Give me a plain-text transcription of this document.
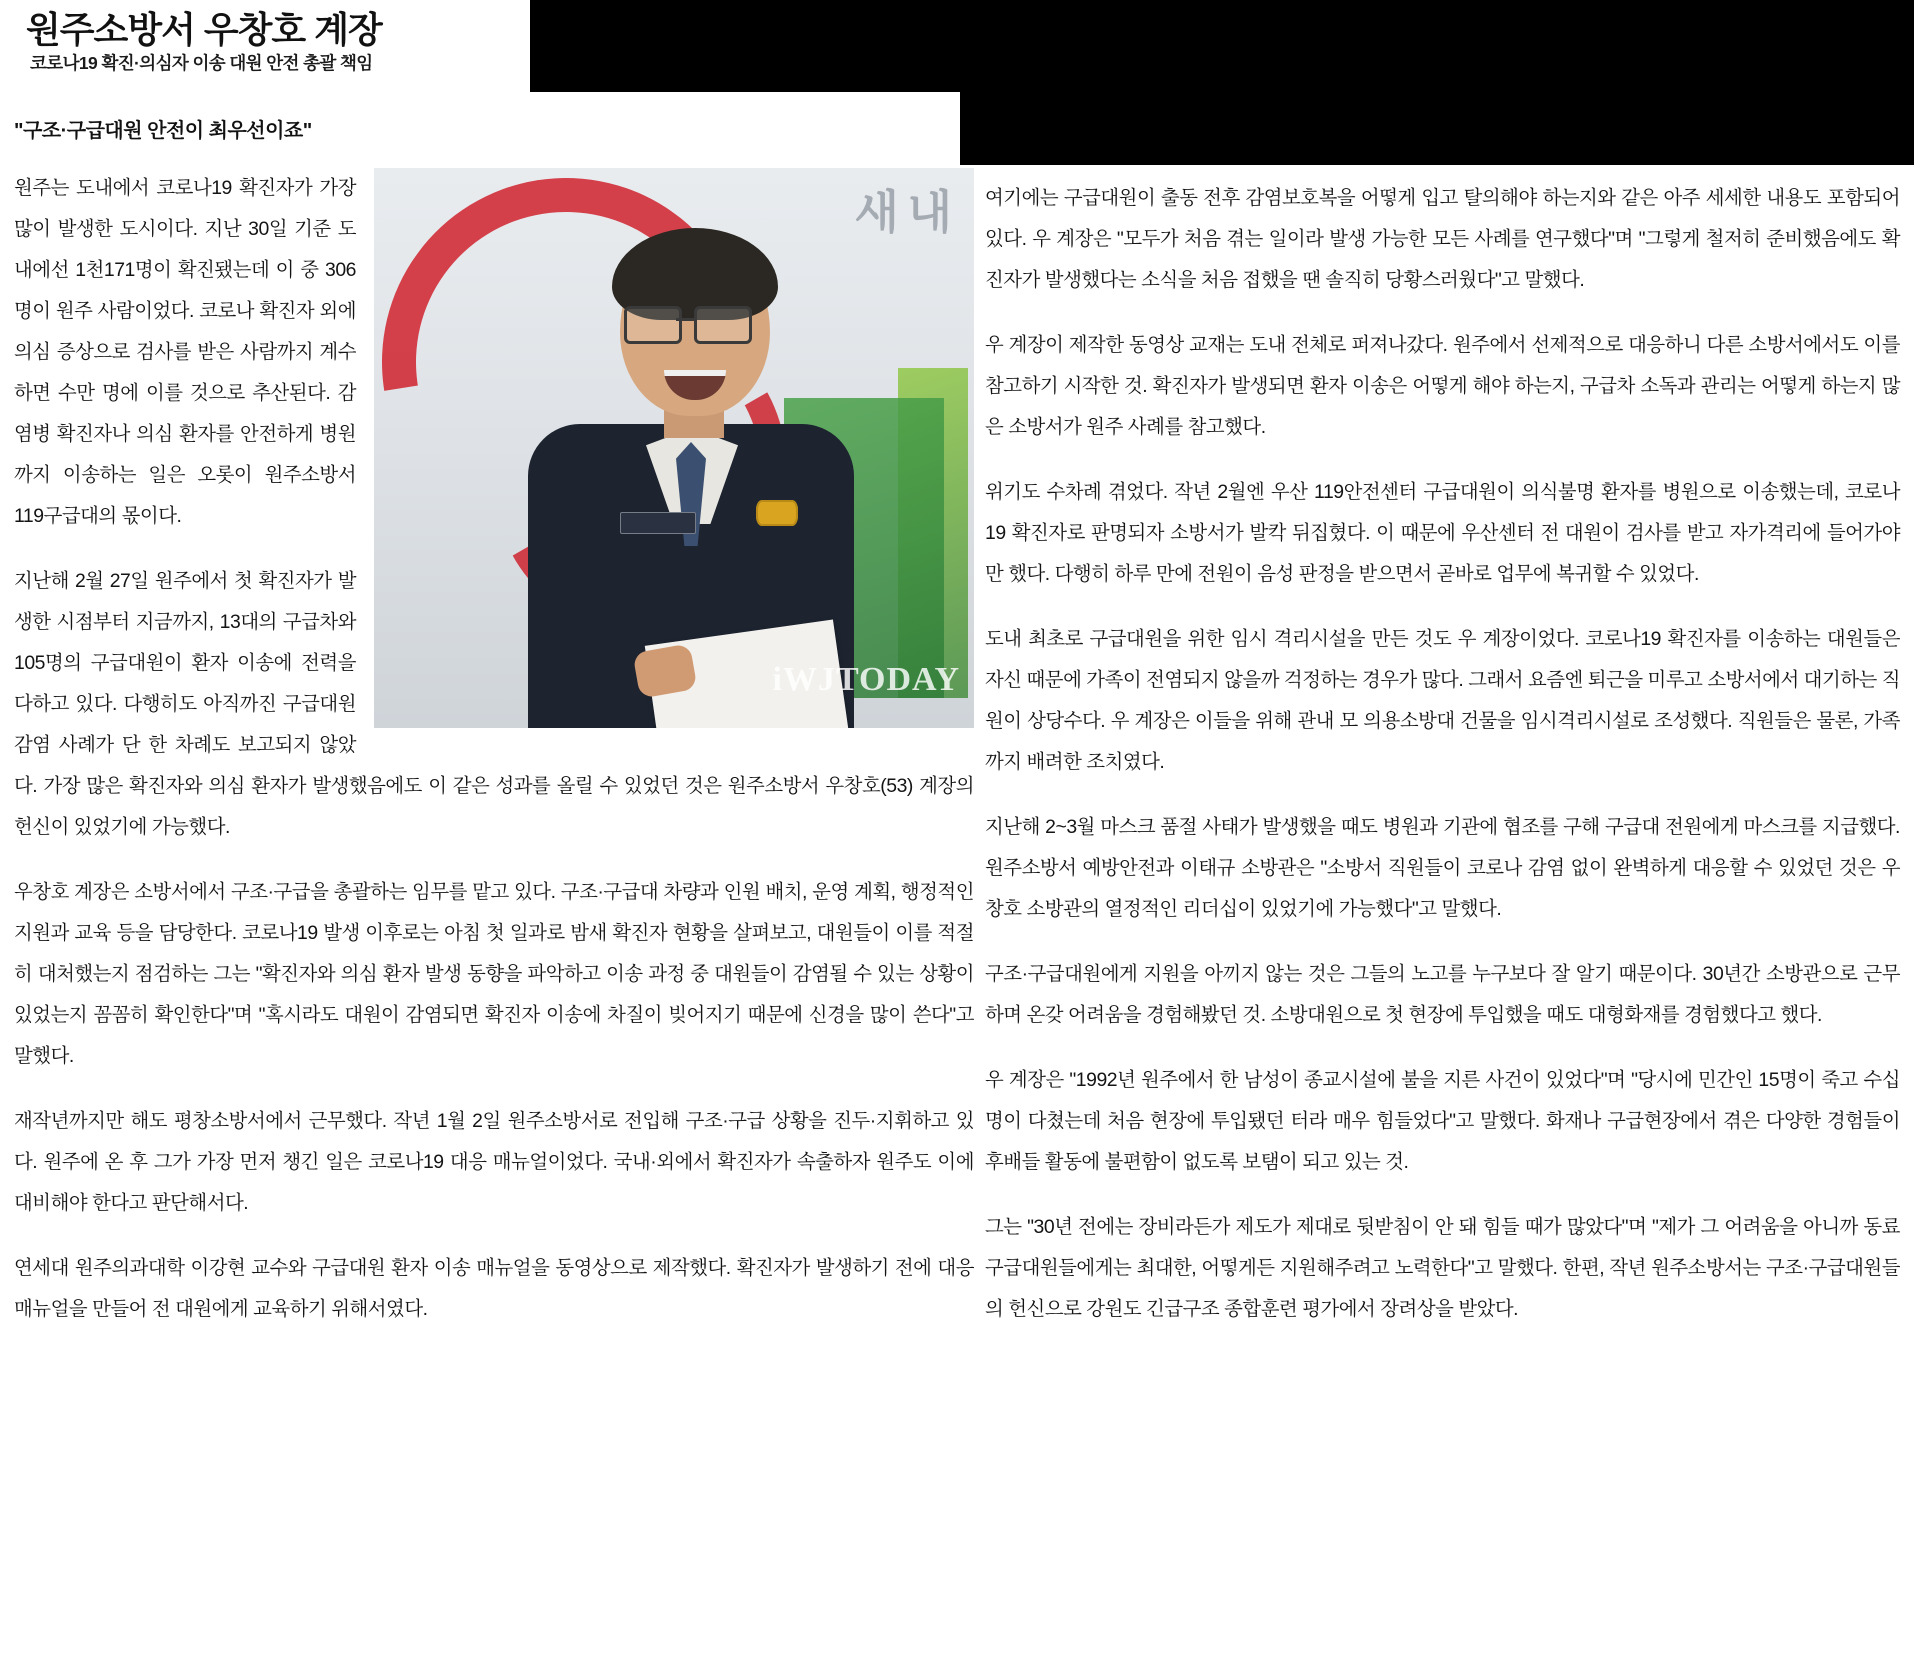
원주소방서 우창호 계장
코로나19 확진·의심자 이송 대원 안전 총괄 책임
"구조·구급대원 안전이 최우선이죠"
새 내
iWJTODAY

원주는 도내에서 코로나19 확진자가 가장 많이 발생한 도시이다. 지난 30일 기준 도내에선 1천171명이 확진됐는데 이 중 306명이 원주 사람이었다. 코로나 확진자 외에 의심 증상으로 검사를 받은 사람까지 계수하면 수만 명에 이를 것으로 추산된다. 감염병 확진자나 의심 환자를 안전하게 병원까지 이송하는 일은 오롯이 원주소방서 119구급대의 몫이다.

지난해 2월 27일 원주에서 첫 확진자가 발생한 시점부터 지금까지, 13대의 구급차와 105명의 구급대원이 환자 이송에 전력을 다하고 있다. 다행히도 아직까진 구급대원 감염 사례가 단 한 차례도 보고되지 않았다. 가장 많은 확진자와 의심 환자가 발생했음에도 이 같은 성과를 올릴 수 있었던 것은 원주소방서 우창호(53) 계장의 헌신이 있었기에 가능했다.

우창호 계장은 소방서에서 구조·구급을 총괄하는 임무를 맡고 있다. 구조·구급대 차량과 인원 배치, 운영 계획, 행정적인 지원과 교육 등을 담당한다. 코로나19 발생 이후로는 아침 첫 일과로 밤새 확진자 현황을 살펴보고, 대원들이 이를 적절히 대처했는지 점검하는 그는 "확진자와 의심 환자 발생 동향을 파악하고 이송 과정 중 대원들이 감염될 수 있는 상황이 있었는지 꼼꼼히 확인한다"며 "혹시라도 대원이 감염되면 확진자 이송에 차질이 빚어지기 때문에 신경을 많이 쓴다"고 말했다.

재작년까지만 해도 평창소방서에서 근무했다. 작년 1월 2일 원주소방서로 전입해 구조·구급 상황을 진두·지휘하고 있다. 원주에 온 후 그가 가장 먼저 챙긴 일은 코로나19 대응 매뉴얼이었다. 국내·외에서 확진자가 속출하자 원주도 이에 대비해야 한다고 판단해서다.

연세대 원주의과대학 이강현 교수와 구급대원 환자 이송 매뉴얼을 동영상으로 제작했다. 확진자가 발생하기 전에 대응 매뉴얼을 만들어 전 대원에게 교육하기 위해서였다.

여기에는 구급대원이 출동 전후 감염보호복을 어떻게 입고 탈의해야 하는지와 같은 아주 세세한 내용도 포함되어 있다. 우 계장은 "모두가 처음 겪는 일이라 발생 가능한 모든 사례를 연구했다"며 "그렇게 철저히 준비했음에도 확진자가 발생했다는 소식을 처음 접했을 땐 솔직히 당황스러웠다"고 말했다.

우 계장이 제작한 동영상 교재는 도내 전체로 퍼져나갔다. 원주에서 선제적으로 대응하니 다른 소방서에서도 이를 참고하기 시작한 것. 확진자가 발생되면 환자 이송은 어떻게 해야 하는지, 구급차 소독과 관리는 어떻게 하는지 많은 소방서가 원주 사례를 참고했다.

위기도 수차례 겪었다. 작년 2월엔 우산 119안전센터 구급대원이 의식불명 환자를 병원으로 이송했는데, 코로나19 확진자로 판명되자 소방서가 발칵 뒤집혔다. 이 때문에 우산센터 전 대원이 검사를 받고 자가격리에 들어가야만 했다. 다행히 하루 만에 전원이 음성 판정을 받으면서 곧바로 업무에 복귀할 수 있었다.

도내 최초로 구급대원을 위한 임시 격리시설을 만든 것도 우 계장이었다. 코로나19 확진자를 이송하는 대원들은 자신 때문에 가족이 전염되지 않을까 걱정하는 경우가 많다. 그래서 요즘엔 퇴근을 미루고 소방서에서 대기하는 직원이 상당수다. 우 계장은 이들을 위해 관내 모 의용소방대 건물을 임시격리시설로 조성했다. 직원들은 물론, 가족까지 배려한 조치였다.

지난해 2~3월 마스크 품절 사태가 발생했을 때도 병원과 기관에 협조를 구해 구급대 전원에게 마스크를 지급했다. 원주소방서 예방안전과 이태규 소방관은 "소방서 직원들이 코로나 감염 없이 완벽하게 대응할 수 있었던 것은 우창호 소방관의 열정적인 리더십이 있었기에 가능했다"고 말했다.

구조·구급대원에게 지원을 아끼지 않는 것은 그들의 노고를 누구보다 잘 알기 때문이다. 30년간 소방관으로 근무하며 온갖 어려움을 경험해봤던 것. 소방대원으로 첫 현장에 투입했을 때도 대형화재를 경험했다고 했다.

우 계장은 "1992년 원주에서 한 남성이 종교시설에 불을 지른 사건이 있었다"며 "당시에 민간인 15명이 죽고 수십 명이 다쳤는데 처음 현장에 투입됐던 터라 매우 힘들었다"고 말했다. 화재나 구급현장에서 겪은 다양한 경험들이 후배들 활동에 불편함이 없도록 보탬이 되고 있는 것.

그는 "30년 전에는 장비라든가 제도가 제대로 뒷받침이 안 돼 힘들 때가 많았다"며 "제가 그 어려움을 아니까 동료 구급대원들에게는 최대한, 어떻게든 지원해주려고 노력한다"고 말했다. 한편, 작년 원주소방서는 구조·구급대원들의 헌신으로 강원도 긴급구조 종합훈련 평가에서 장려상을 받았다.
